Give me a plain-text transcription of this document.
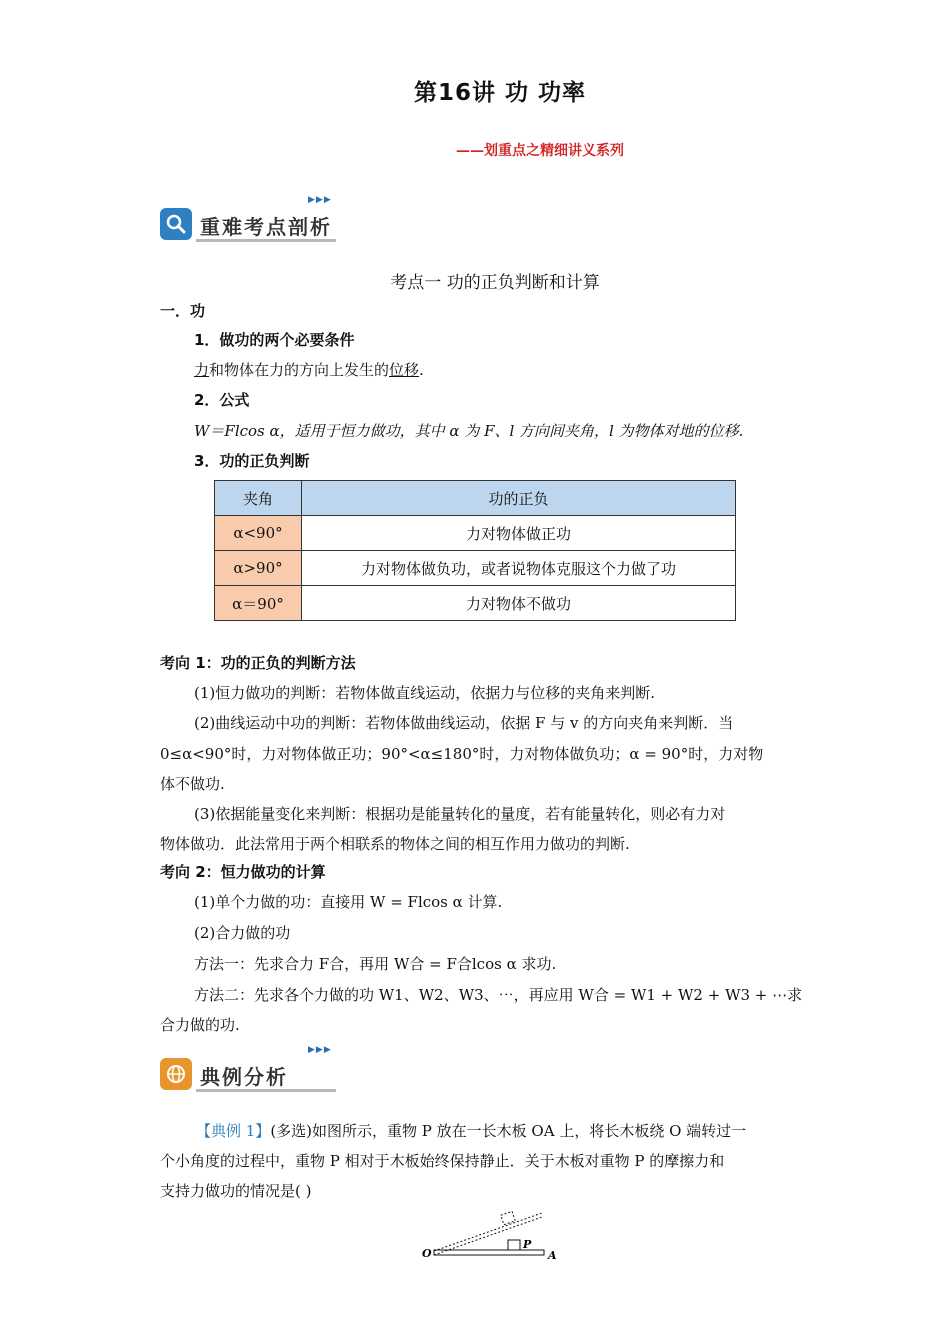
第16讲 功 功率
——划重点之精细讲义系列
重难考点剖析
▶▶▶
考点一 功的正负判断和计算
一．功
1．做功的两个必要条件
力和物体在力的方向上发生的位移.
2．公式
W＝Flcos α，适用于恒力做功，其中 α 为 F、l 方向间夹角，l 为物体对地的位移.
3．功的正负判断
夹角	功的正负
α<90°	力对物体做正功
α>90°	力对物体做负功，或者说物体克服这个力做了功
α＝90°	力对物体不做功
考向 1：功的正负的判断方法
(1)恒力做功的判断：若物体做直线运动，依据力与位移的夹角来判断.
(2)曲线运动中功的判断：若物体做曲线运动，依据 F 与 v 的方向夹角来判断．当
0≤α<90°时，力对物体做正功；90°<α≤180°时，力对物体做负功；α = 90°时，力对物
体不做功.
(3)依据能量变化来判断：根据功是能量转化的量度，若有能量转化，则必有力对
物体做功．此法常用于两个相联系的物体之间的相互作用力做功的判断.
考向 2：恒力做功的计算
(1)单个力做的功：直接用 W = Flcos α 计算.
(2)合力做的功
方法一：先求合力 F合，再用 W合 = F合lcos α 求功.
方法二：先求各个力做的功 W1、W2、W3、⋯，再应用 W合 = W1 + W2 + W3 + ⋯求
合力做的功.
典例分析
▶▶▶
【典例 1】(多选)如图所示，重物 P 放在一长木板 OA 上，将长木板绕 O 端转过一
个小角度的过程中，重物 P 相对于木板始终保持静止．关于木板对重物 P 的摩擦力和
支持力做功的情况是( )
O
P
A
